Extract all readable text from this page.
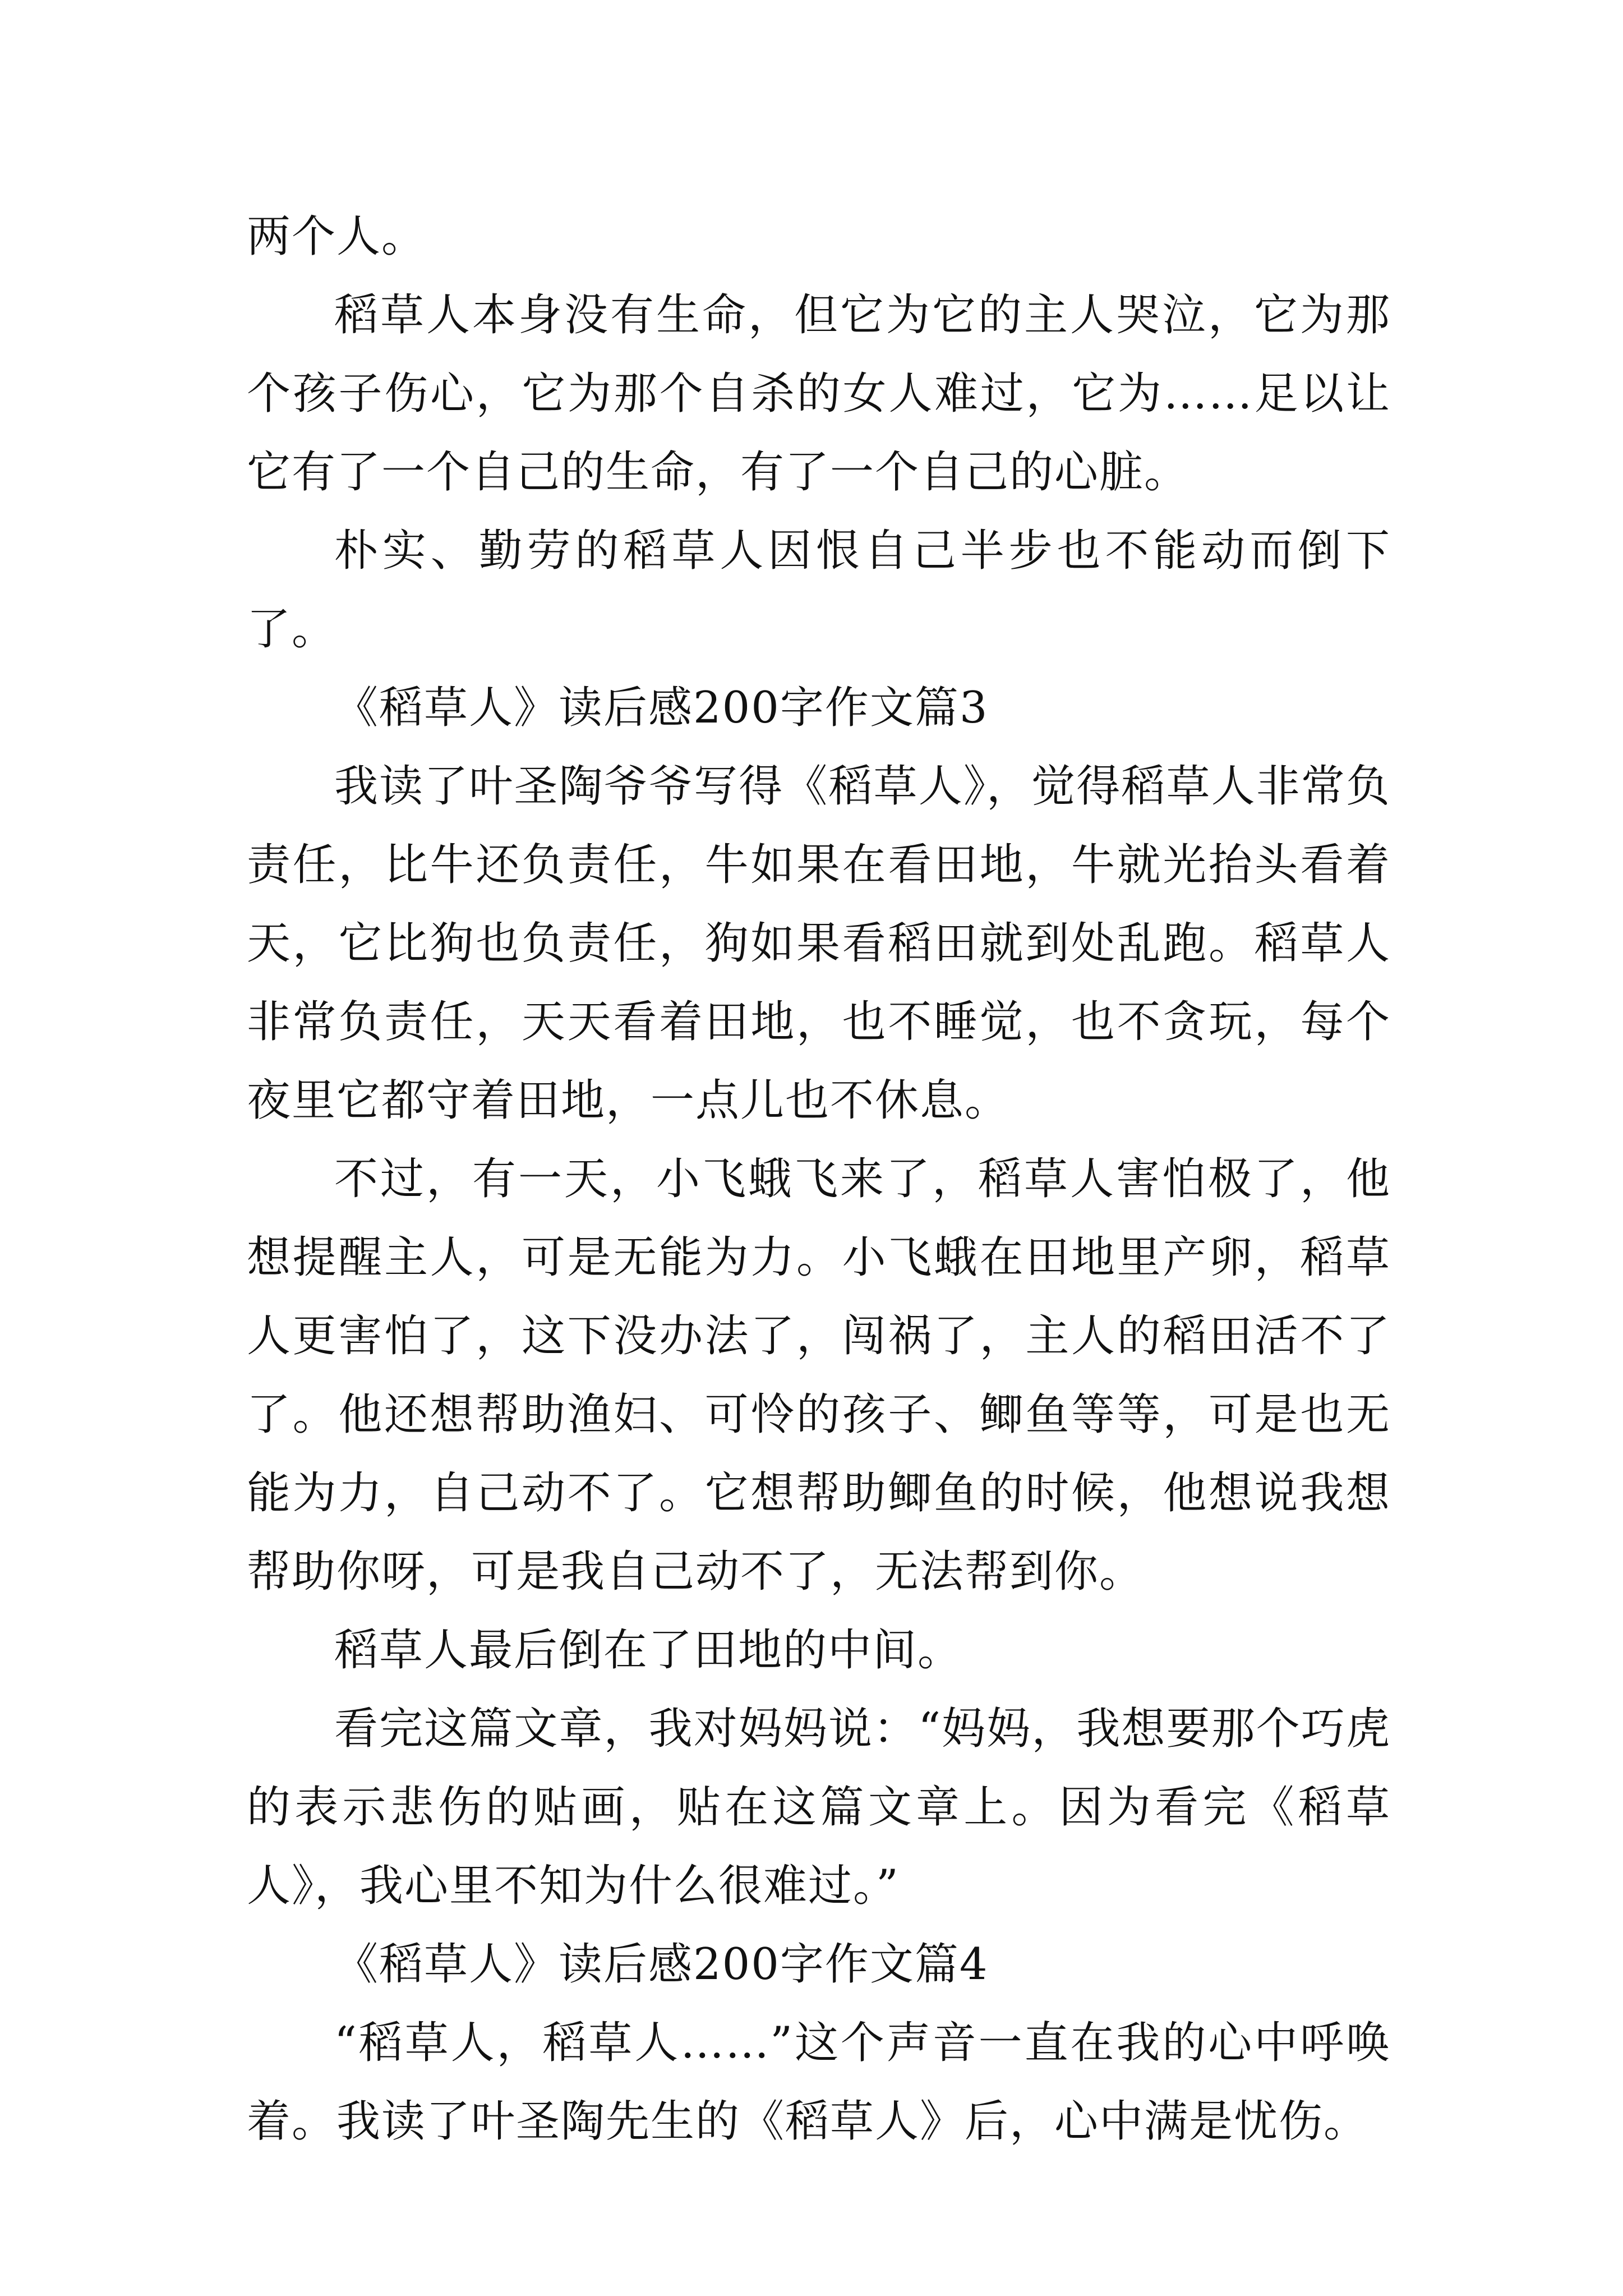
两个人。

稻草人本身没有生命，但它为它的主人哭泣，它为那个孩子伤心，它为那个自杀的女人难过，它为……足以让它有了一个自己的生命，有了一个自己的心脏。

朴实、勤劳的稻草人因恨自己半步也不能动而倒下了。

《稻草人》读后感200字作文篇3

我读了叶圣陶爷爷写得《稻草人》，觉得稻草人非常负责任，比牛还负责任，牛如果在看田地，牛就光抬头看着天，它比狗也负责任，狗如果看稻田就到处乱跑。稻草人非常负责任，天天看着田地，也不睡觉，也不贪玩，每个夜里它都守着田地，一点儿也不休息。

不过，有一天，小飞蛾飞来了，稻草人害怕极了，他想提醒主人，可是无能为力。小飞蛾在田地里产卵，稻草人更害怕了，这下没办法了，闯祸了，主人的稻田活不了了。他还想帮助渔妇、可怜的孩子、鲫鱼等等，可是也无能为力，自己动不了。它想帮助鲫鱼的时候，他想说我想帮助你呀，可是我自己动不了，无法帮到你。

稻草人最后倒在了田地的中间。

看完这篇文章，我对妈妈说：“妈妈，我想要那个巧虎的表示悲伤的贴画，贴在这篇文章上。因为看完《稻草人》，我心里不知为什么很难过。”

《稻草人》读后感200字作文篇4

“稻草人，稻草人……”这个声音一直在我的心中呼唤着。我读了叶圣陶先生的《稻草人》后，心中满是忧伤。
